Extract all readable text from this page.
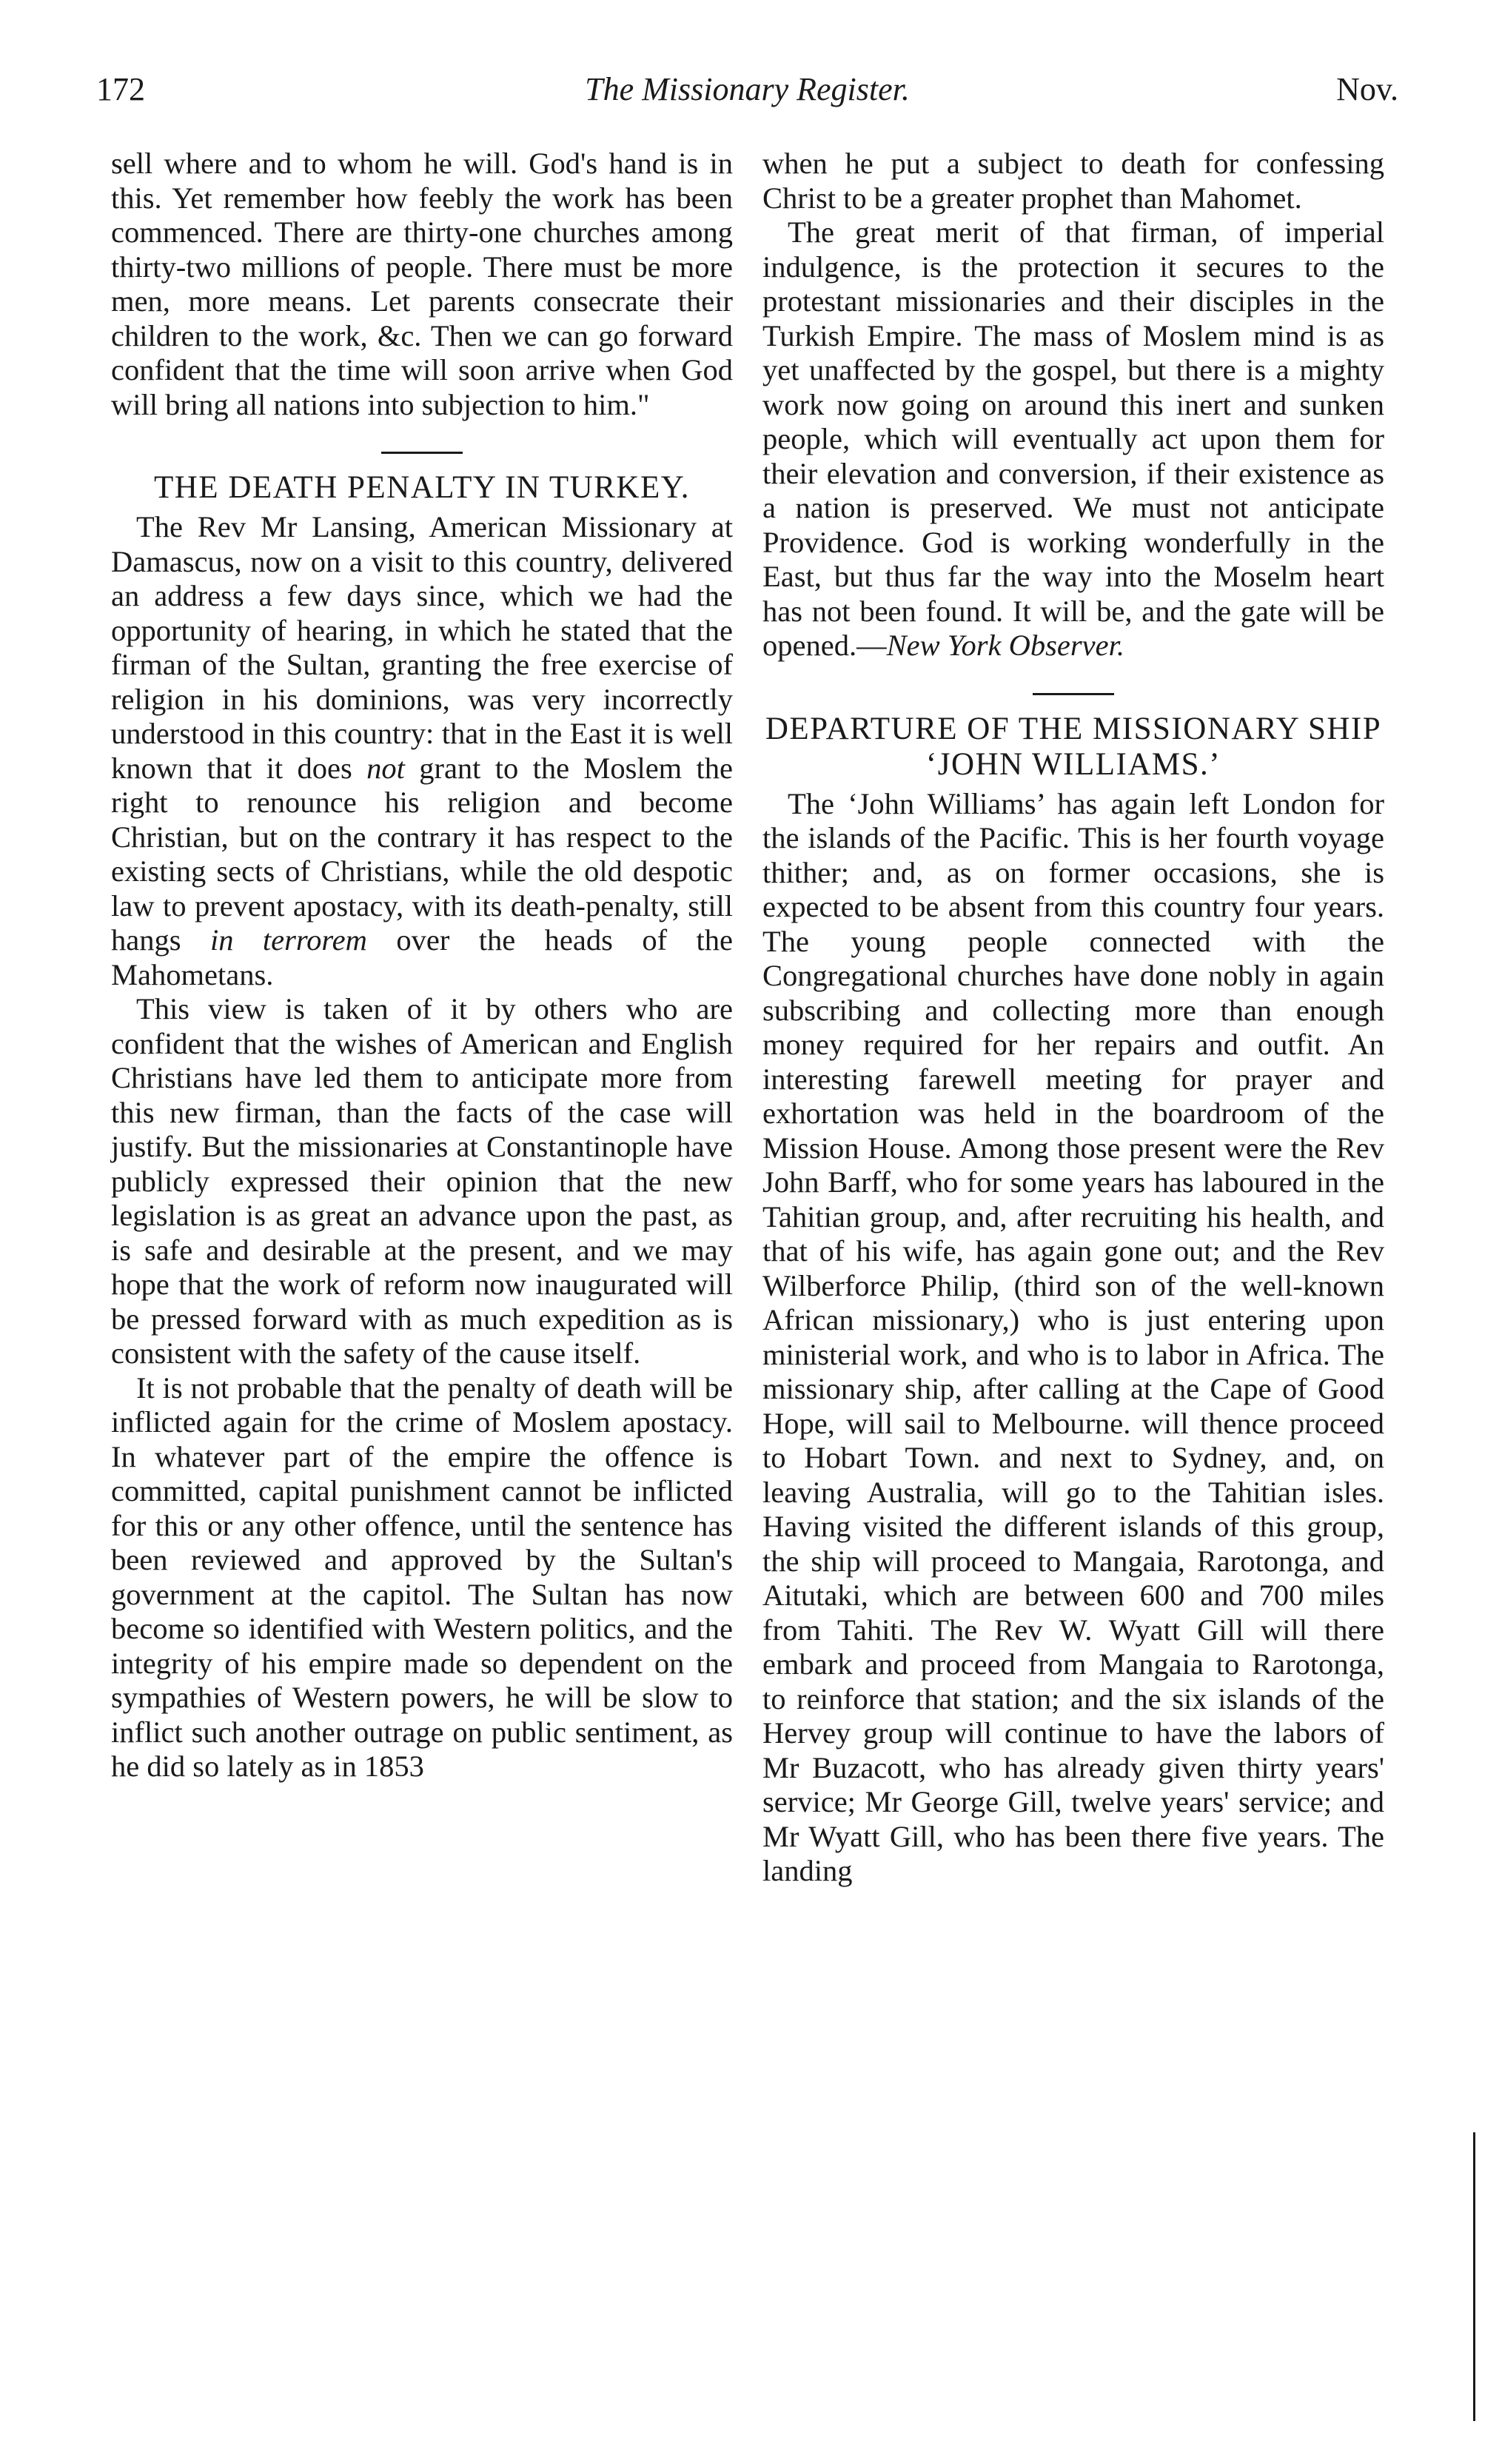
172	The Missionary Register.	Nov.

sell where and to whom he will. God's hand is in this. Yet remember how feebly the work has been commenced. There are thirty-one churches among thirty-two millions of people. There must be more men, more means. Let parents consecrate their children to the work, &c. Then we can go forward confident that the time will soon arrive when God will bring all nations into subjection to him."

THE DEATH PENALTY IN TURKEY.

The Rev Mr Lansing, American Missionary at Damascus, now on a visit to this country, delivered an address a few days since, which we had the opportunity of hearing, in which he stated that the firman of the Sultan, granting the free exercise of religion in his dominions, was very incorrectly understood in this country: that in the East it is well known that it does not grant to the Moslem the right to renounce his religion and become Christian, but on the contrary it has respect to the existing sects of Christians, while the old despotic law to prevent apostacy, with its death-penalty, still hangs in terrorem over the heads of the Mahometans.

This view is taken of it by others who are confident that the wishes of American and English Christians have led them to anticipate more from this new firman, than the facts of the case will justify. But the missionaries at Constantinople have publicly expressed their opinion that the new legislation is as great an advance upon the past, as is safe and desirable at the present, and we may hope that the work of reform now inaugurated will be pressed forward with as much expedition as is consistent with the safety of the cause itself.

It is not probable that the penalty of death will be inflicted again for the crime of Moslem apostacy. In whatever part of the empire the offence is committed, capital punishment cannot be inflicted for this or any other offence, until the sentence has been reviewed and approved by the Sultan's government at the capitol. The Sultan has now become so identified with Western politics, and the integrity of his empire made so dependent on the sympathies of Western powers, he will be slow to inflict such another outrage on public sentiment, as he did so lately as in 1853

when he put a subject to death for confessing Christ to be a greater prophet than Mahomet.

The great merit of that firman, of imperial indulgence, is the protection it secures to the protestant missionaries and their disciples in the Turkish Empire. The mass of Moslem mind is as yet unaffected by the gospel, but there is a mighty work now going on around this inert and sunken people, which will eventually act upon them for their elevation and conversion, if their existence as a nation is preserved. We must not anticipate Providence. God is working wonderfully in the East, but thus far the way into the Moselm heart has not been found. It will be, and the gate will be opened.—New York Observer.

DEPARTURE OF THE MISSIONARY SHIP ‘JOHN WILLIAMS.’

The ‘John Williams’ has again left London for the islands of the Pacific. This is her fourth voyage thither; and, as on former occasions, she is expected to be absent from this country four years. The young people connected with the Congregational churches have done nobly in again subscribing and collecting more than enough money required for her repairs and outfit. An interesting farewell meeting for prayer and exhortation was held in the boardroom of the Mission House. Among those present were the Rev John Barff, who for some years has laboured in the Tahitian group, and, after recruiting his health, and that of his wife, has again gone out; and the Rev Wilberforce Philip, (third son of the well-known African missionary,) who is just entering upon ministerial work, and who is to labor in Africa. The missionary ship, after calling at the Cape of Good Hope, will sail to Melbourne. will thence proceed to Hobart Town. and next to Sydney, and, on leaving Australia, will go to the Tahitian isles. Having visited the different islands of this group, the ship will proceed to Mangaia, Rarotonga, and Aitutaki, which are between 600 and 700 miles from Tahiti. The Rev W. Wyatt Gill will there embark and proceed from Mangaia to Rarotonga, to reinforce that station; and the six islands of the Hervey group will continue to have the labors of Mr Buzacott, who has already given thirty years' service; Mr George Gill, twelve years' service; and Mr Wyatt Gill, who has been there five years. The landing
